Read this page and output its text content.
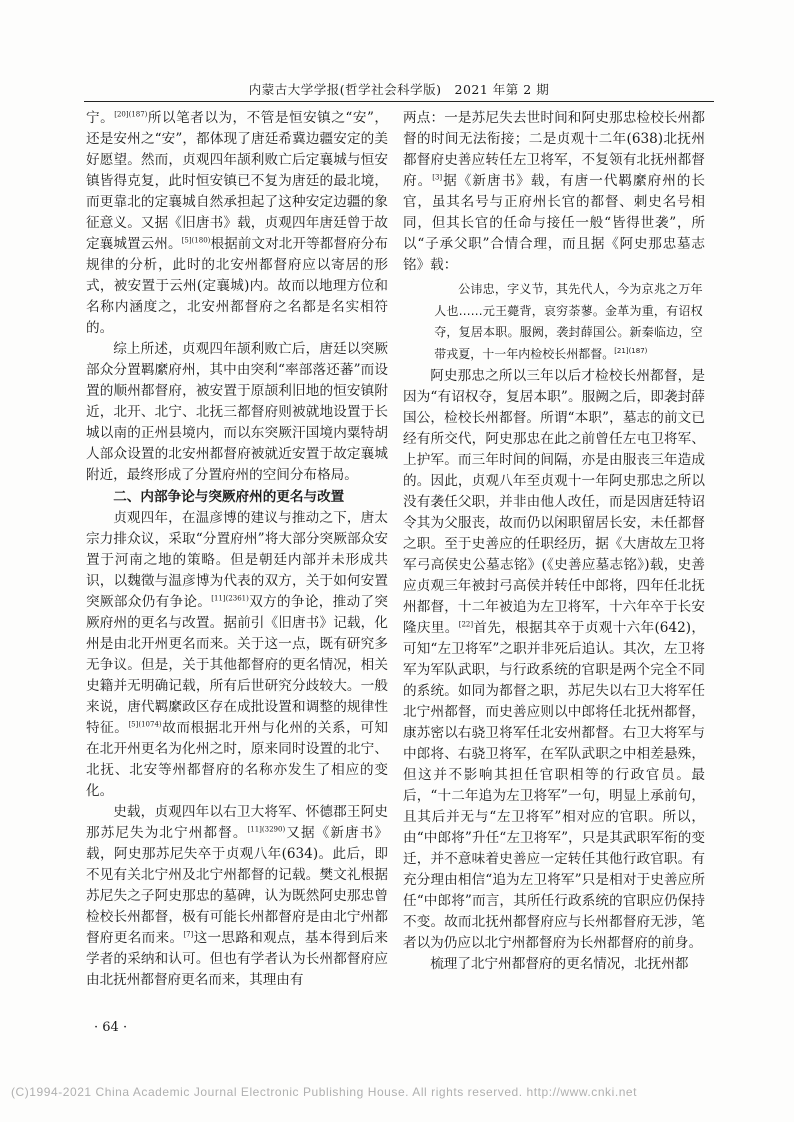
内蒙古大学学报(哲学社会科学版)　2021 年第 2 期

宁。$^{[20](187)}$所以笔者以为，不管是恒安镇之“安”，还是安州之“安”，都体现了唐廷希冀边疆安定的美好愿望。然而，贞观四年颉利败亡后定襄城与恒安镇皆得克复，此时恒安镇已不复为唐廷的最北境，而更靠北的定襄城自然承担起了这种安定边疆的象征意义。又据《旧唐书》载，贞观四年唐廷曾于故定襄城置云州。$^{[5](180)}$根据前文对北开等都督府分布规律的分析，此时的北安州都督府应以寄居的形式，被安置于云州(定襄城)内。故而以地理方位和名称内涵度之，北安州都督府之名都是名实相符的。

综上所述，贞观四年颉利败亡后，唐廷以突厥部众分置羁縻府州，其中由突利“率部落还蕃”而设置的顺州都督府，被安置于原颉利旧地的恒安镇附近，北开、北宁、北抚三都督府则被就地设置于长城以南的正州县境内，而以东突厥汗国境内粟特胡人部众设置的北安州都督府被就近安置于故定襄城附近，最终形成了分置府州的空间分布格局。

二、内部争论与突厥府州的更名与改置

贞观四年，在温彦博的建议与推动之下，唐太宗力排众议，采取“分置府州”将大部分突厥部众安置于河南之地的策略。但是朝廷内部并未形成共识，以魏徵与温彦博为代表的双方，关于如何安置突厥部众仍有争论。$^{[11](2361)}$双方的争论，推动了突厥府州的更名与改置。据前引《旧唐书》记载，化州是由北开州更名而来。关于这一点，既有研究多无争议。但是，关于其他都督府的更名情况，相关史籍并无明确记载，所有后世研究分歧较大。一般来说，唐代羁縻政区存在成批设置和调整的规律性特征。$^{[5](1074)}$故而根据北开州与化州的关系，可知在北开州更名为化州之时，原来同时设置的北宁、北抚、北安等州都督府的名称亦发生了相应的变化。

史载，贞观四年以右卫大将军、怀德郡王阿史那苏尼失为北宁州都督。$^{[11](3290)}$又据《新唐书》载，阿史那苏尼失卒于贞观八年(634)。此后，即不见有关北宁州及北宁州都督的记载。樊文礼根据苏尼失之子阿史那忠的墓碑，认为既然阿史那忠曾检校长州都督，极有可能长州都督府是由北宁州都督府更名而来。[7]这一思路和观点，基本得到后来学者的采纳和认可。但也有学者认为长州都督府应由北抚州都督府更名而来，其理由有

两点：一是苏尼失去世时间和阿史那忠检校长州都督的时间无法衔接；二是贞观十二年(638)北抚州都督府史善应转任左卫将军，不复领有北抚州都督府。[3]据《新唐书》载，有唐一代羁縻府州的长官，虽其名号与正府州长官的都督、刺史名号相同，但其长官的任命与接任一般“皆得世袭”，所以“子承父职”合情合理，而且据《阿史那忠墓志铭》载：

公讳忠，字义节，其先代人，今为京兆之万年人也……元王薨背，哀穷荼蓼。金革为重，有诏权夺，复居本职。服阙，袭封薛国公。新秦临边，空带戎夏，十一年内检校长州都督。$^{[21](187)}$

阿史那忠之所以三年以后才检校长州都督，是因为“有诏权夺，复居本职”。服阙之后，即袭封薛国公，检校长州都督。所谓“本职”，墓志的前文已经有所交代，阿史那忠在此之前曾任左屯卫将军、上护军。而三年时间的间隔，亦是由服丧三年造成的。因此，贞观八年至贞观十一年阿史那忠之所以没有袭任父职，并非由他人改任，而是因唐廷特诏令其为父服丧，故而仍以闲职留居长安，未任都督之职。至于史善应的任职经历，据《大唐故左卫将军弓高侯史公墓志铭》(《史善应墓志铭》)载，史善应贞观三年被封弓高侯并转任中郎将，四年任北抚州都督，十二年被追为左卫将军，十六年卒于长安隆庆里。[22]首先，根据其卒于贞观十六年(642)，可知“左卫将军”之职并非死后追认。其次，左卫将军为军队武职，与行政系统的官职是两个完全不同的系统。如同为都督之职，苏尼失以右卫大将军任北宁州都督，而史善应则以中郎将任北抚州都督，康苏密以右骁卫将军任北安州都督。右卫大将军与中郎将、右骁卫将军，在军队武职之中相差悬殊，但这并不影响其担任官职相等的行政官员。最后，“十二年追为左卫将军”一句，明显上承前句，且其后并无与“左卫将军”相对应的官职。所以，由“中郎将”升任“左卫将军”，只是其武职军衔的变迁，并不意味着史善应一定转任其他行政官职。有充分理由相信“追为左卫将军”只是相对于史善应所任“中郎将”而言，其所任行政系统的官职应仍保持不变。故而北抚州都督府应与长州都督府无涉，笔者以为仍应以北宁州都督府为长州都督府的前身。

梳理了北宁州都督府的更名情况，北抚州都

· 64 ·
(C)1994-2021 China Academic Journal Electronic Publishing House. All rights reserved. http://www.cnki.net
